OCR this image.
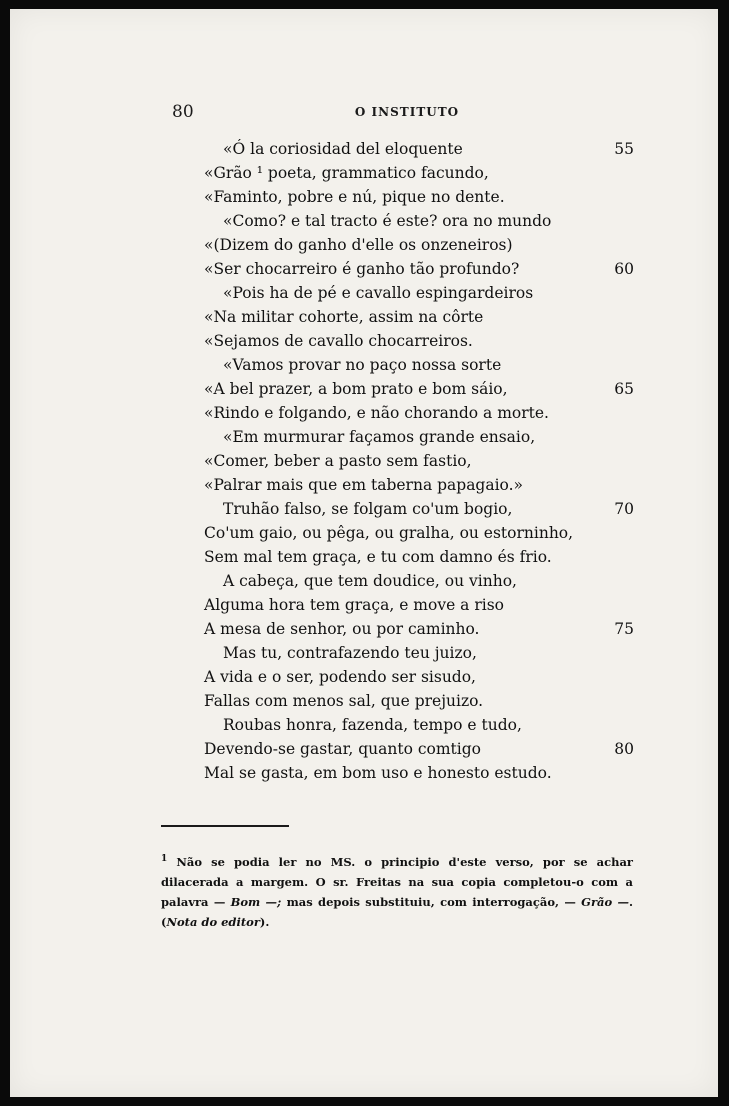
80	O INSTITUTO
«Ó la coriosidad del eloquente	55
«Grão ¹ poeta, grammatico facundo,
«Faminto, pobre e nú, pique no dente.
«Como? e tal tracto é este? ora no mundo
«(Dizem do ganho d'elle os onzeneiros)
«Ser chocarreiro é ganho tão profundo?	60
«Pois ha de pé e cavallo espingardeiros
«Na militar cohorte, assim na côrte
«Sejamos de cavallo chocarreiros.
«Vamos provar no paço nossa sorte
«A bel prazer, a bom prato e bom sáio,	65
«Rindo e folgando, e não chorando a morte.
«Em murmurar façamos grande ensaio,
«Comer, beber a pasto sem fastio,
«Palrar mais que em taberna papagaio.»
Truhão falso, se folgam co'um bogio,	70
Co'um gaio, ou pêga, ou gralha, ou estorninho,
Sem mal tem graça, e tu com damno és frio.
A cabeça, que tem doudice, ou vinho,
Alguma hora tem graça, e move a riso
A mesa de senhor, ou por caminho.	75
Mas tu, contrafazendo teu juizo,
A vida e o ser, podendo ser sisudo,
Fallas com menos sal, que prejuizo.
Roubas honra, fazenda, tempo e tudo,
Devendo-se gastar, quanto comtigo	80
Mal se gasta, em bom uso e honesto estudo.
$^1$ Não se podia ler no MS. o principio d'este verso, por se achar dilacerada a margem. O sr. Freitas na sua copia completou-o com a palavra — Bom —; mas depois substituiu, com interrogação, — Grão —. (Nota do editor).
